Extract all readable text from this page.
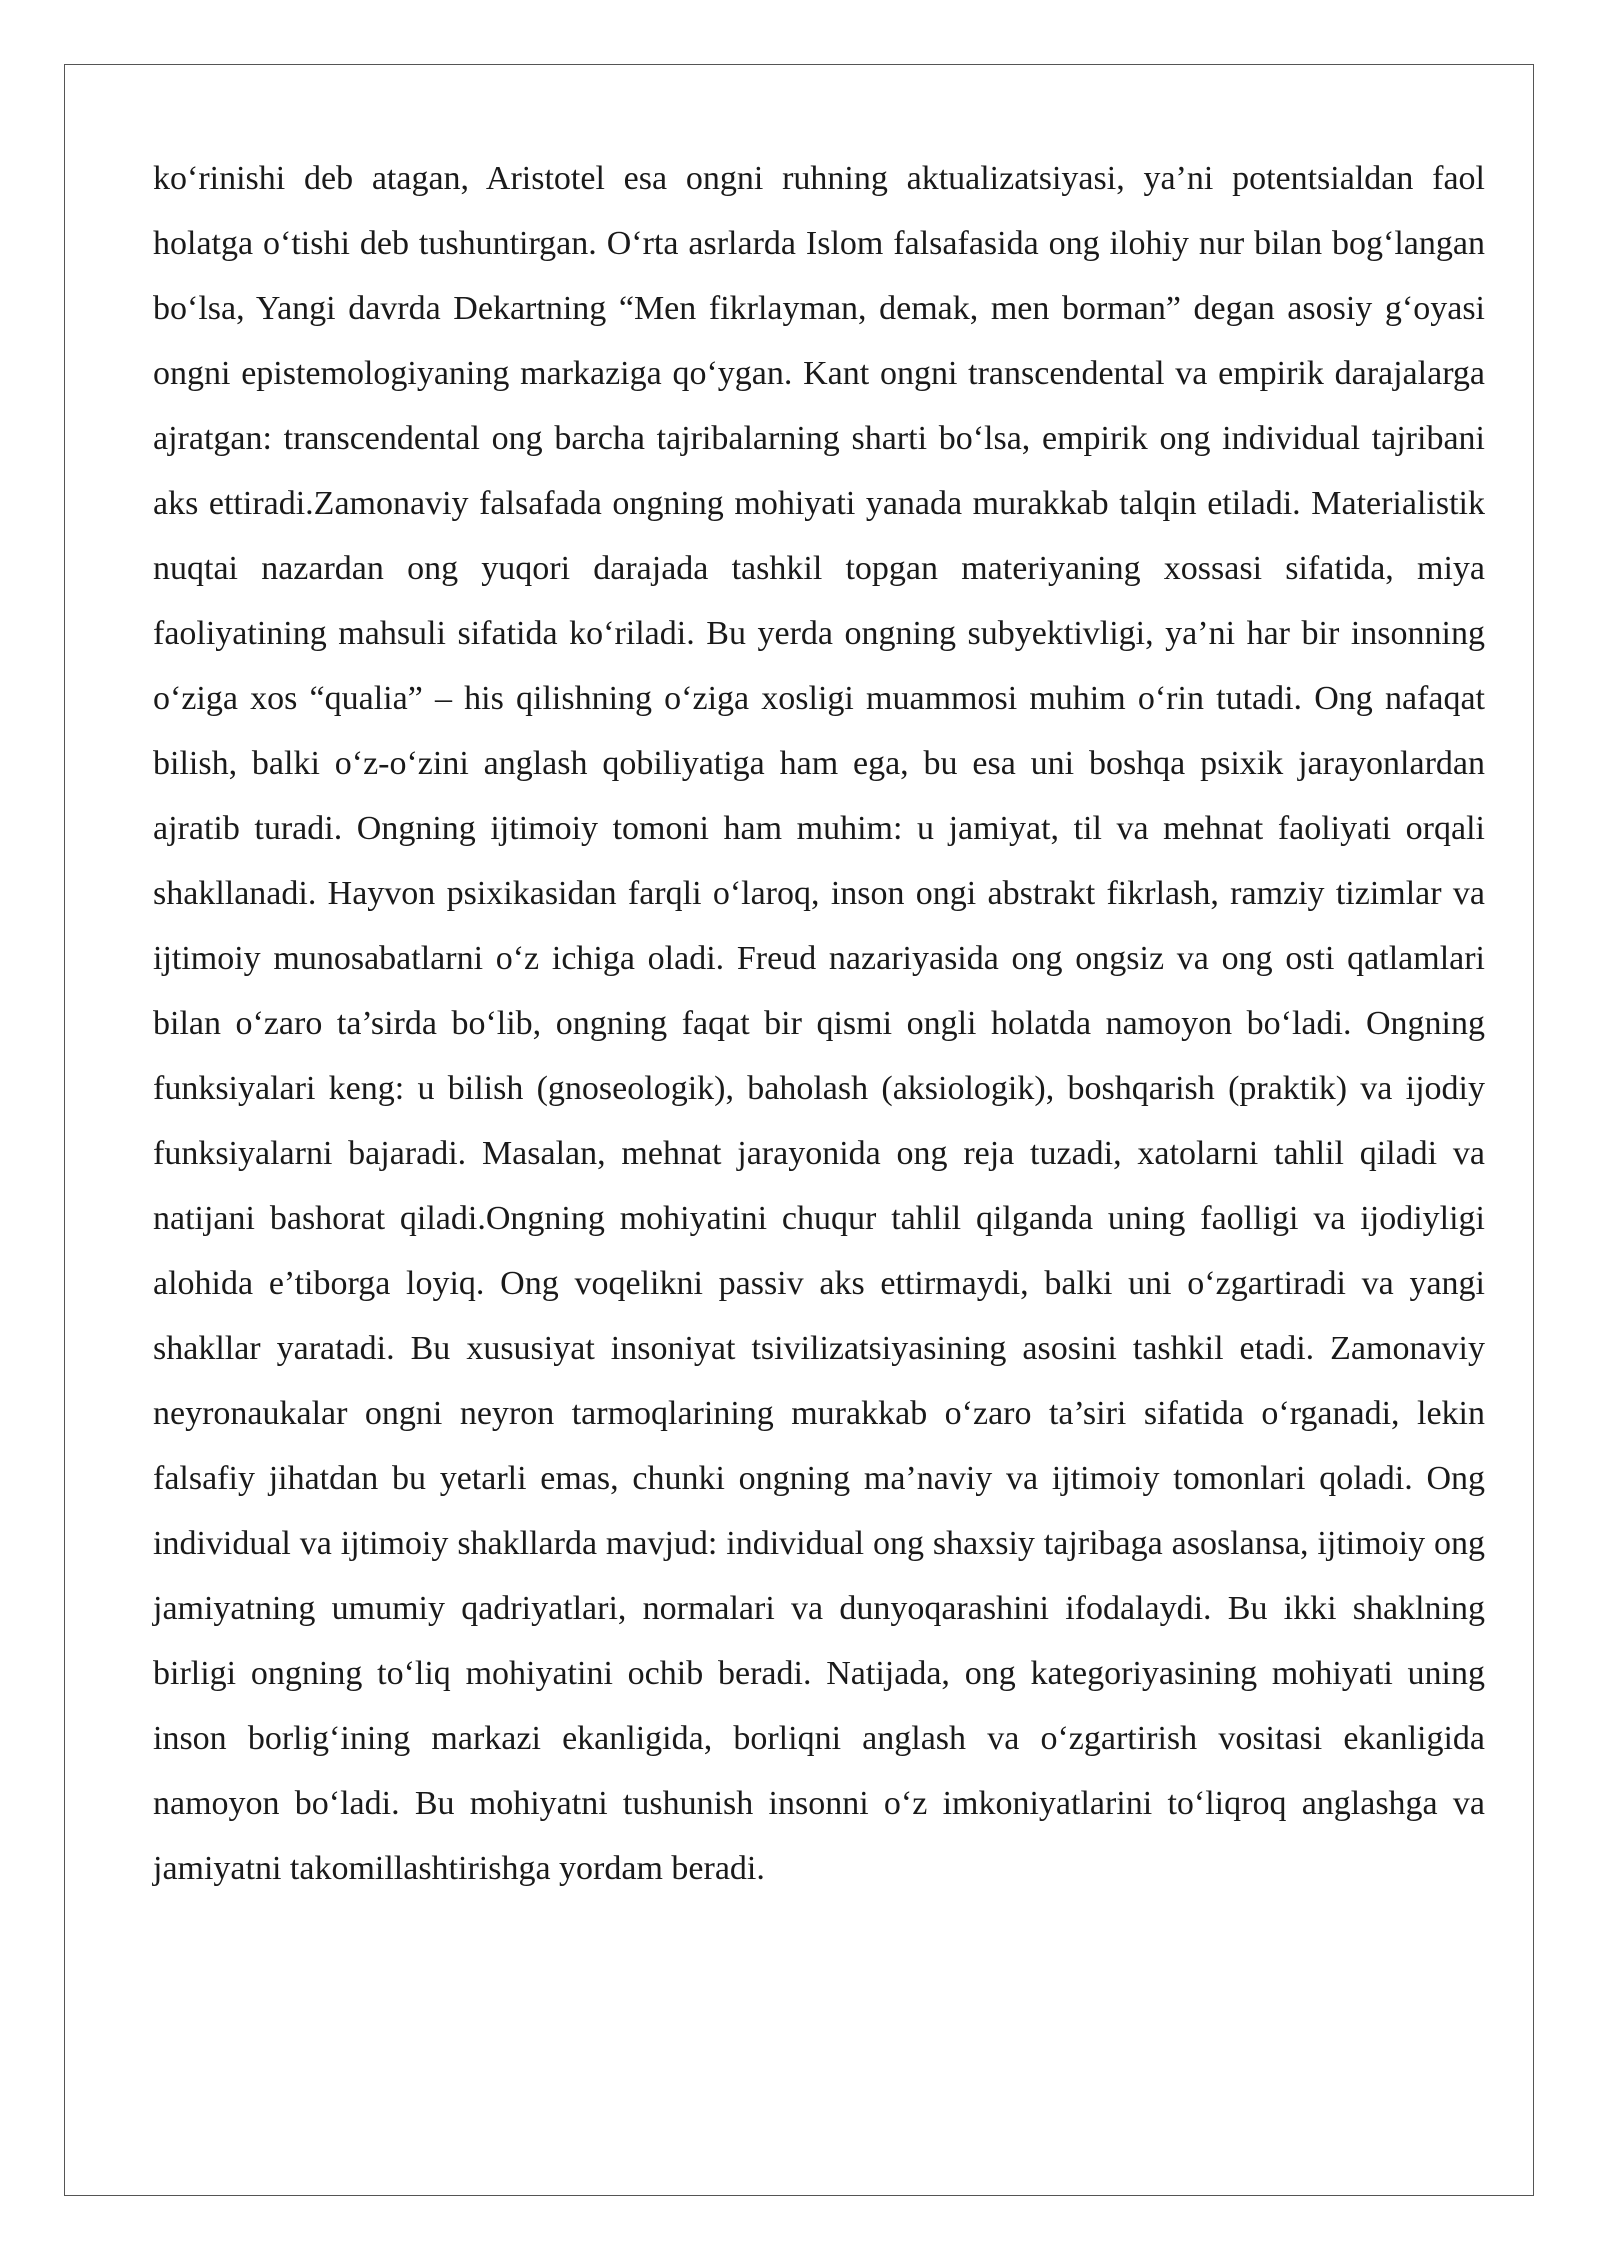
ko‘rinishi deb atagan, Aristotel esa ongni ruhning aktualizatsiyasi, ya’ni potentsialdan faol holatga o‘tishi deb tushuntirgan. O‘rta asrlarda Islom falsafasida ong ilohiy nur bilan bog‘langan bo‘lsa, Yangi davrda Dekartning “Men fikrlayman, demak, men borman” degan asosiy g‘oyasi ongni epistemologiyaning markaziga qo‘ygan. Kant ongni transcendental va empirik darajalarga ajratgan: transcendental ong barcha tajribalarning sharti bo‘lsa, empirik ong individual tajribani aks ettiradi.Zamonaviy falsafada ongning mohiyati yanada murakkab talqin etiladi. Materialistik nuqtai nazardan ong yuqori darajada tashkil topgan materiyaning xossasi sifatida, miya faoliyatining mahsuli sifatida ko‘riladi. Bu yerda ongning subyektivligi, ya’ni har bir insonning o‘ziga xos “qualia” – his qilishning o‘ziga xosligi muammosi muhim o‘rin tutadi. Ong nafaqat bilish, balki o‘z-o‘zini anglash qobiliyatiga ham ega, bu esa uni boshqa psixik jarayonlardan ajratib turadi. Ongning ijtimoiy tomoni ham muhim: u jamiyat, til va mehnat faoliyati orqali shakllanadi. Hayvon psixikasidan farqli o‘laroq, inson ongi abstrakt fikrlash, ramziy tizimlar va ijtimoiy munosabatlarni o‘z ichiga oladi. Freud nazariyasida ong ongsiz va ong osti qatlamlari bilan o‘zaro ta’sirda bo‘lib, ongning faqat bir qismi ongli holatda namoyon bo‘ladi. Ongning funksiyalari keng: u bilish (gnoseologik), baholash (aksiologik), boshqarish (praktik) va ijodiy funksiyalarni bajaradi. Masalan, mehnat jarayonida ong reja tuzadi, xatolarni tahlil qiladi va natijani bashorat qiladi.Ongning mohiyatini chuqur tahlil qilganda uning faolligi va ijodiyligi alohida e’tiborga loyiq. Ong voqelikni passiv aks ettirmaydi, balki uni o‘zgartiradi va yangi shakllar yaratadi. Bu xususiyat insoniyat tsivilizatsiyasining asosini tashkil etadi. Zamonaviy neyronaukalar ongni neyron tarmoqlarining murakkab o‘zaro ta’siri sifatida o‘rganadi, lekin falsafiy jihatdan bu yetarli emas, chunki ongning ma’naviy va ijtimoiy tomonlari qoladi. Ong individual va ijtimoiy shakllarda mavjud: individual ong shaxsiy tajribaga asoslansa, ijtimoiy ong jamiyatning umumiy qadriyatlari, normalari va dunyoqarashini ifodalaydi. Bu ikki shaklning birligi ongning to‘liq mohiyatini ochib beradi. Natijada, ong kategoriyasining mohiyati uning inson borlig‘ining markazi ekanligida, borliqni anglash va o‘zgartirish vositasi ekanligida namoyon bo‘ladi. Bu mohiyatni tushunish insonni o‘z imkoniyatlarini to‘liqroq anglashga va jamiyatni takomillashtirishga yordam beradi.
